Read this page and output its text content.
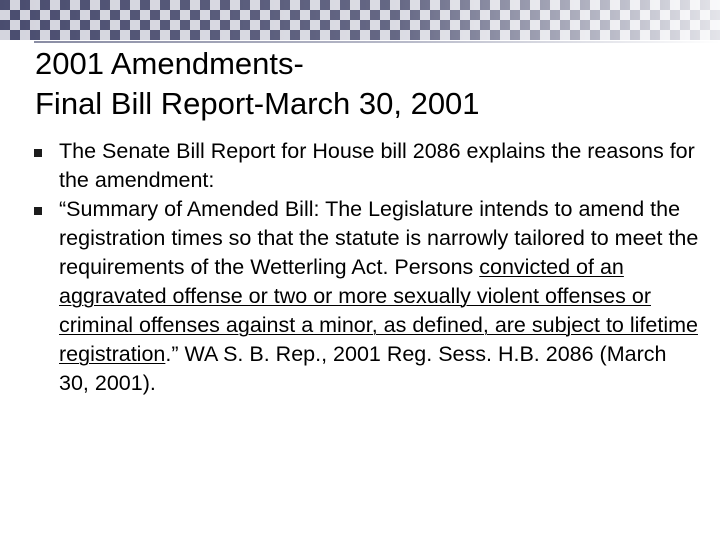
2001 Amendments-
Final Bill Report-March 30, 2001

The Senate Bill Report for House bill 2086 explains the reasons for the amendment:

“Summary of Amended Bill: The Legislature intends to amend the registration times so that the statute is narrowly tailored to meet the requirements of the Wetterling Act. Persons convicted of an aggravated offense or two or more sexually violent offenses or criminal offenses against a minor, as defined, are subject to lifetime registration.” WA S. B. Rep., 2001 Reg. Sess. H.B. 2086 (March 30, 2001).
